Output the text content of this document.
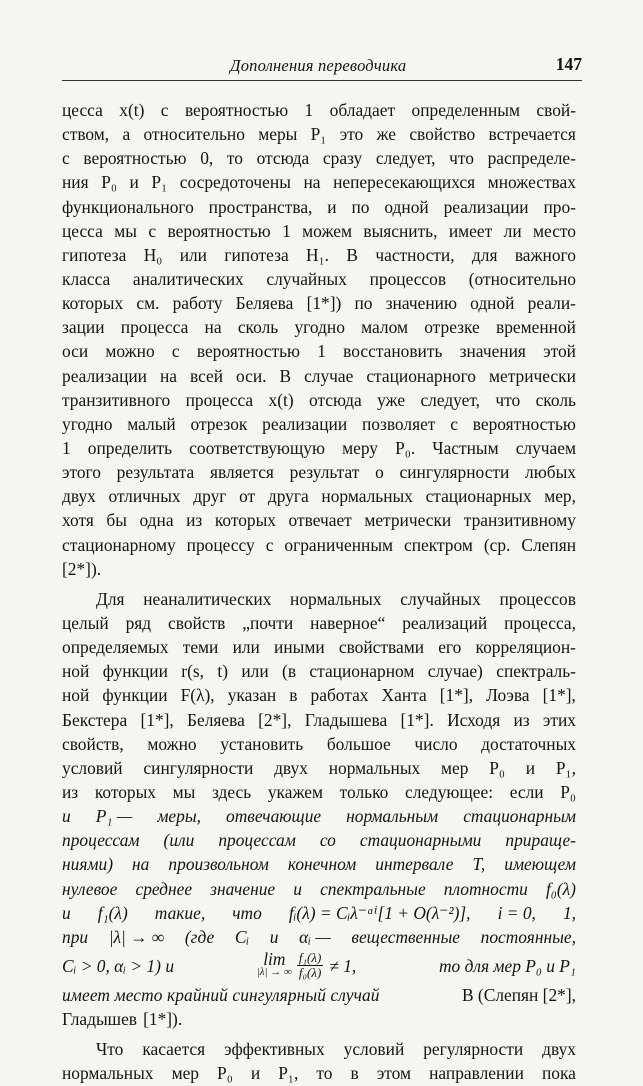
Дополнения переводчика	147
цесса x(t) с вероятностью 1 обладает определенным свой-
ством, а относительно меры P₁ это же свойство встречается
с вероятностью 0, то отсюда сразу следует, что распределе-
ния P₀ и P₁ сосредоточены на непересекающихся множествах
функционального пространства, и по одной реализации про-
цесса мы с вероятностью 1 можем выяснить, имеет ли место
гипотеза H₀ или гипотеза H₁. В частности, для важного
класса аналитических случайных процессов (относительно
которых см. работу Беляева [1*]) по значению одной реали-
зации процесса на сколь угодно малом отрезке временной
оси можно с вероятностью 1 восстановить значения этой
реализации на всей оси. В случае стационарного метрически
транзитивного процесса x(t) отсюда уже следует, что сколь
угодно малый отрезок реализации позволяет с вероятностью
1 определить соответствующую меру P₀. Частным случаем
этого результата является результат о сингулярности любых
двух отличных друг от друга нормальных стационарных мер,
хотя бы одна из которых отвечает метрически транзитивному
стационарному процессу с ограниченным спектром (ср. Слепян
[2*]).
Для неаналитических нормальных случайных процессов
целый ряд свойств „почти наверное“ реализаций процесса,
определяемых теми или иными свойствами его корреляцион-
ной функции r(s, t) или (в стационарном случае) спектраль-
ной функции F(λ), указан в работах Ханта [1*], Лоэва [1*],
Бекстера [1*], Беляева [2*], Гладышева [1*]. Исходя из этих
свойств, можно установить большое число достаточных
условий сингулярности двух нормальных мер P₀ и P₁,
из которых мы здесь укажем только следующее: если P₀
и P₁ — меры, отвечающие нормальным стационарным
процессам (или процессам со стационарными прираще-
ниями) на произвольном конечном интервале T, имеющем
нулевое среднее значение и спектральные плотности f₀(λ)
и f₁(λ) такие, что fᵢ(λ) = Cᵢλ⁻ᵅⁱ[1 + O(λ⁻²)], i = 0, 1,
при |λ| → ∞ (где Cᵢ и αᵢ — вещественные постоянные,
Cᵢ > 0, αᵢ > 1) и	lim
|λ| → ∞ $\frac{\text{f₁(λ)}}{\text{f₀(λ)}} \ne 1$,	то для мер P₀ и P₁
имеет место крайний сингулярный случай	В (Слепян [2*],
Гладышев [1*]).
Что касается эффективных условий регулярности двух
нормальных мер P₀ и P₁, то в этом направлении пока
